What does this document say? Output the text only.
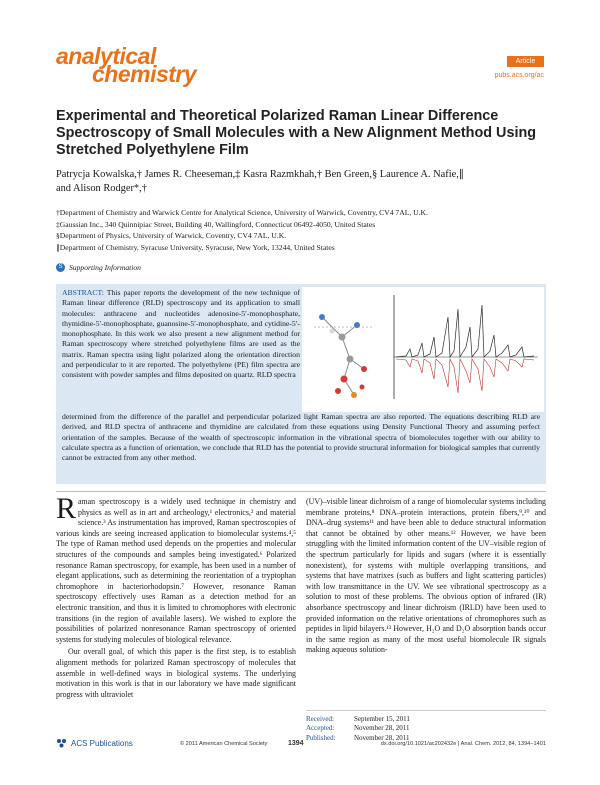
analytical
chemistry	Article
pubs.acs.org/ac
Experimental and Theoretical Polarized Raman Linear Difference Spectroscopy of Small Molecules with a New Alignment Method Using Stretched Polyethylene Film
Patrycja Kowalska,† James R. Cheeseman,‡ Kasra Razmkhah,† Ben Green,§ Laurence A. Nafie,∥
and Alison Rodger*,†
†Department of Chemistry and Warwick Centre for Analytical Science, University of Warwick, Coventry, CV4 7AL, U.K.
‡Gaussian Inc., 340 Quinnipiac Street, Building 40, Wallingford, Connecticut 06492-4050, United States
§Department of Physics, University of Warwick, Coventry, CV4 7AL, U.K.
∥Department of Chemistry, Syracuse University, Syracuse, New York, 13244, United States
S Supporting Information
ABSTRACT: This paper reports the development of the new technique of Raman linear difference (RLD) spectroscopy and its application to small molecules: anthracene and nucleotides adenosine-5′-monophosphate, thymidine-5′-monophosphate, guanosine-5′-monophosphate, and cytidine-5′-monophosphate. In this work we also present a new alignment method for Raman spectroscopy where stretched polyethylene films are used as the matrix. Raman spectra using light polarized along the orientation direction and perpendicular to it are reported. The polyethylene (PE) film spectra are consistent with powder samples and films deposited on quartz. RLD spectra
determined from the difference of the parallel and perpendicular polarized light Raman spectra are also reported. The equations describing RLD are derived, and RLD spectra of anthracene and thymidine are calculated from these equations using Density Functional Theory and assuming perfect orientation of the samples. Because of the wealth of spectroscopic information in the vibrational spectra of biomolecules together with our ability to calculate spectra as a function of orientation, we conclude that RLD has the potential to provide structural information for biological samples that currently cannot be extracted from any other method.

Raman spectroscopy is a widely used technique in chemistry and physics as well as in art and archeology,¹ electronics,² and material science.³ As instrumentation has improved, Raman spectroscopies of various kinds are seeing increased application to biomolecular systems.⁴,⁵ The type of Raman method used depends on the properties and molecular structures of the compounds and samples being investigated.⁶ Polarized resonance Raman spectroscopy, for example, has been used in a number of elegant applications, such as determining the reorientation of a tryptophan chromophore in bacteriorhodopsin.⁷ However, resonance Raman spectroscopy effectively uses Raman as a detection method for an electronic transition, and thus it is limited to chromophores with electronic transitions (in the region of available lasers). We wished to explore the possibilities of polarized nonresonance Raman spectroscopy of oriented systems for studying molecules of biological relevance.

Our overall goal, of which this paper is the first step, is to establish alignment methods for polarized Raman spectroscopy of molecules that assemble in well-defined ways in biological systems. The underlying motivation in this work is that in our laboratory we have made significant progress with ultraviolet

(UV)–visible linear dichroism of a range of biomolecular systems including membrane proteins,⁸ DNA–protein interactions, protein fibers,⁹,¹⁰ and DNA–drug systems¹¹ and have been able to deduce structural information that cannot be obtained by other means.¹² However, we have been struggling with the limited information content of the UV–visible region of the spectrum particularly for lipids and sugars (where it is essentially nonexistent), for systems with multiple overlapping transitions, and systems that have matrixes (such as buffers and light scattering particles) with low transmittance in the UV. We see vibrational spectroscopy as a solution to most of these problems. The obvious option of infrared (IR) absorbance spectroscopy and linear dichroism (IRLD) have been used to provided information on the relative orientations of chromophores such as peptides in lipid bilayers.¹³ However, H₂O and D₂O absorption bands occur in the same region as many of the most useful biomolecule IR signals making aqueous solution-

Received:	September 15, 2011
Accepted:	November 28, 2011
Published:	November 28, 2011
ACS Publications	© 2011 American Chemical Society	1394	dx.doi.org/10.1021/ac202432e | Anal. Chem. 2012, 84, 1394−1401
